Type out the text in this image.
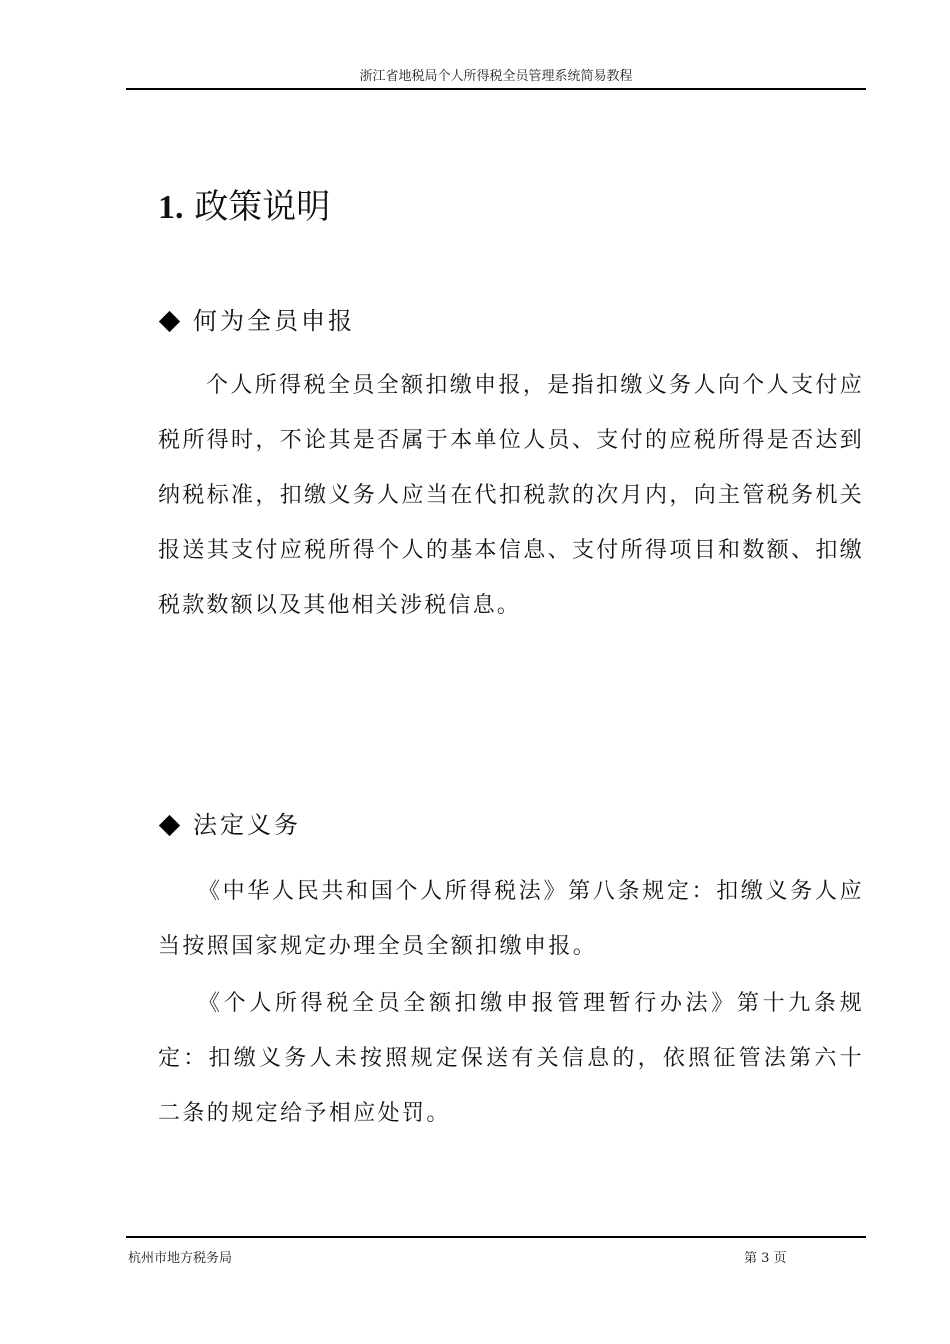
浙江省地税局个人所得税全员管理系统简易教程
1. 政策说明
何为全员申报

个人所得税全员全额扣缴申报，是指扣缴义务人向个人支付应税所得时，不论其是否属于本单位人员、支付的应税所得是否达到纳税标准，扣缴义务人应当在代扣税款的次月内，向主管税务机关报送其支付应税所得个人的基本信息、支付所得项目和数额、扣缴税款数额以及其他相关涉税信息。

法定义务

《中华人民共和国个人所得税法》第八条规定：扣缴义务人应当按照国家规定办理全员全额扣缴申报。

《个人所得税全员全额扣缴申报管理暂行办法》第十九条规定：扣缴义务人未按照规定保送有关信息的，依照征管法第六十二条的规定给予相应处罚。

杭州市地方税务局	第 3 页
